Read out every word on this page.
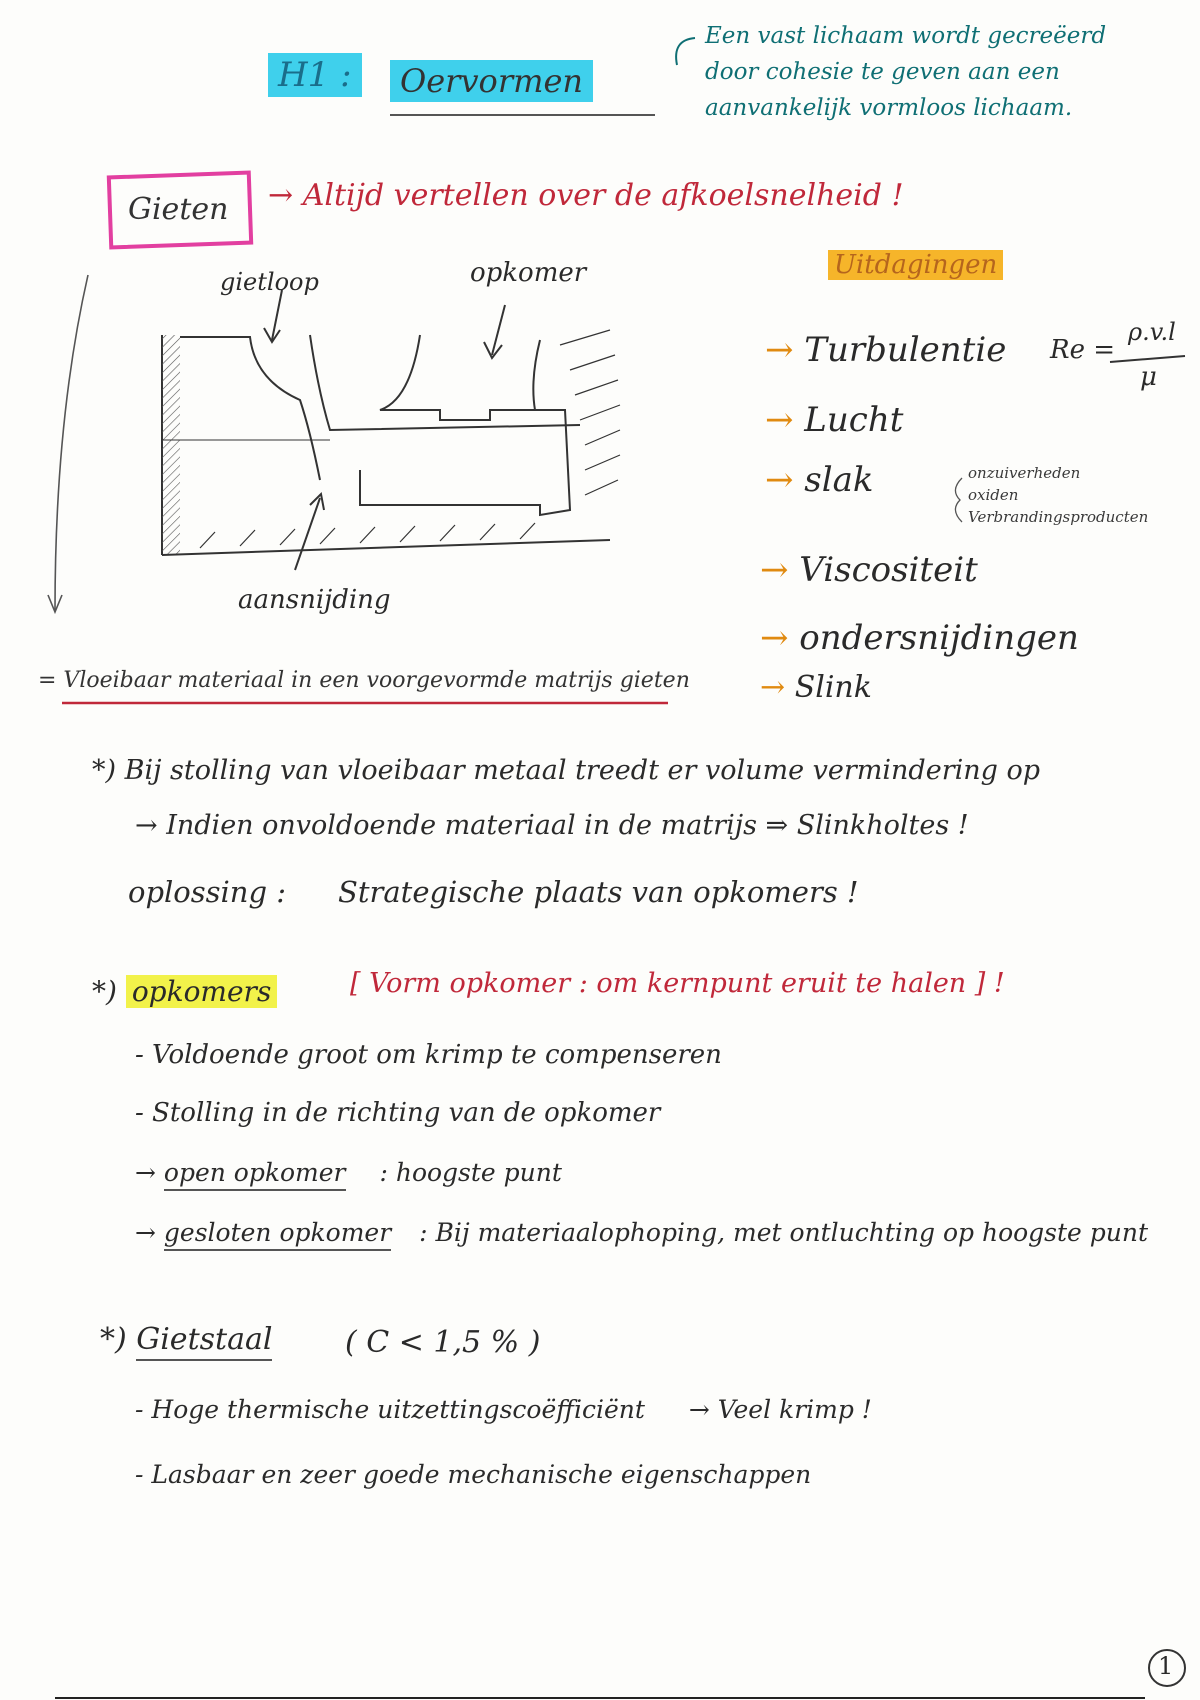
H1 :	Oervormen
Een vast lichaam wordt gecreëerd
door cohesie te geven aan een
aanvankelijk vormloos lichaam.
Gieten → Altijd vertellen over de afkoelsnelheid !
gietloop	opkomer
aansnijding
= Vloeibaar materiaal in een voorgevormde matrijs gieten
Uitdagingen
→ Turbulentie Re =
ρ.v.l
μ
→ Lucht
→ slak	onzuiverheden
oxiden
Verbrandingsproducten
→ Viscositeit
→ ondersnijdingen
→ Slink
*) Bij stolling van vloeibaar metaal treedt er volume vermindering op
→ Indien onvoldoende materiaal in de matrijs ⇒ Slinkholtes !
oplossing : Strategische plaats van opkomers !
*) opkomers	[ Vorm opkomer : om kernpunt eruit te halen ] !
- Voldoende groot om krimp te compenseren
- Stolling in de richting van de opkomer
→ open opkomer : hoogste punt
→ gesloten opkomer : Bij materiaalophoping, met ontluchting op hoogste punt
*) Gietstaal ( C < 1,5 % )
- Hoge thermische uitzettingscoëfficiënt → Veel krimp !
- Lasbaar en zeer goede mechanische eigenschappen
1
